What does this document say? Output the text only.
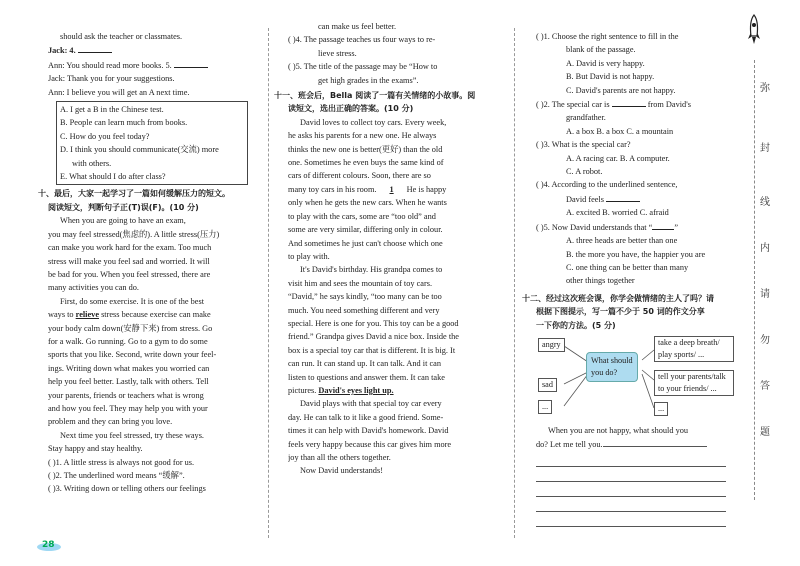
should ask the teacher or classmates.
Jack: 4.
Ann: You should read more books. 5.
Jack: Thank you for your suggestions.
Ann: I believe you will get an A next time.
A. I get a B in the Chinese test.
B. People can learn much from books.
C. How do you feel today?
D. I think you should communicate(交流) more
with others.
E. What should I do after class?
十、最后，大家一起学习了一篇如何缓解压力的短文。
阅读短文，判断句子正(T)误(F)。(10 分)
When you are going to have an exam,
you may feel stressed(焦虑的). A little stress(压力)
can make you work hard for the exam. Too much
stress will make you feel sad and worried. It will
be bad for you. When you feel stressed, there are
many activities you can do.
First, do some exercise. It is one of the best
ways to relieve stress because exercise can make
your body calm down(安静下来) from stress. Go
for a walk. Go running. Go to a gym to do some
sports that you like. Second, write down your feel-
ings. Writing down what makes you worried can
help you feel better. Lastly, talk with others. Tell
your parents, friends or teachers what is wrong
and how you feel. They may help you with your
problem and they can bring you love.
Next time you feel stressed, try these ways.
Stay happy and stay healthy.
( )1. A little stress is always not good for us.
( )2. The underlined word means “缓解”.
( )3. Writing down or telling others our feelings
28
can make us feel better.
( )4. The passage teaches us four ways to re-
lieve stress.
( )5. The title of the passage may be “How to
get high grades in the exams”.
十一、班会后，Bella 阅读了一篇有关情绪的小故事。阅
读短文，选出正确的答案。(10 分)
David loves to collect toy cars. Every week,
he asks his parents for a new one. He always
thinks the new one is better(更好) than the old
one. Sometimes he even buys the same kind of
cars of different colours. Soon, there are so
many toy cars in his room. 1 He is happy
only when he gets the new cars. When he wants
to play with the cars, some are “too old” and
some are very similar, differing only in colour.
And sometimes he just can't choose which one
to play with.
It's David's birthday. His grandpa comes to
visit him and sees the mountain of toy cars.
“David,” he says kindly, “too many can be too
much. You need something different and very
special. Here is one for you. This toy can be a good
friend.” Grandpa gives David a nice box. Inside the
box is a special toy car that is different. It is big. It
can run. It can stand up. It can talk. And it can
listen to questions and answer them. It can take
pictures. David's eyes light up.
David plays with that special toy car every
day. He can talk to it like a good friend. Some-
times it can help with David's homework. David
feels very happy because this car gives him more
joy than all the others together.
Now David understands!
( )1. Choose the right sentence to fill in the
blank of the passage.
A. David is very happy.
B. But David is not happy.
C. David's parents are not happy.
( )2. The special car is	from David's
grandfather.
A. a box B. a box C. a mountain
( )3. What is the special car?
A. A racing car. B. A computer.
C. A robot.
( )4. According to the underlined sentence,
David feels
A. excited B. worried C. afraid
( )5. Now David understands that “	”
A. three heads are better than one
B. the more you have, the happier you are
C. one thing can be better than many
other things together
十二、经过这次班会课，你学会做情绪的主人了吗？请
根据下图提示，写一篇不少于 50 词的作文分享
一下你的方法。(5 分)
angry
sad
...
What should
you do?
take a deep breath/
play sports/ ...
tell your parents/talk
to your friends/ ...
...
When you are not happy, what should you
do? Let me tell you.
弥
封
线
内
请
勿
答
题
